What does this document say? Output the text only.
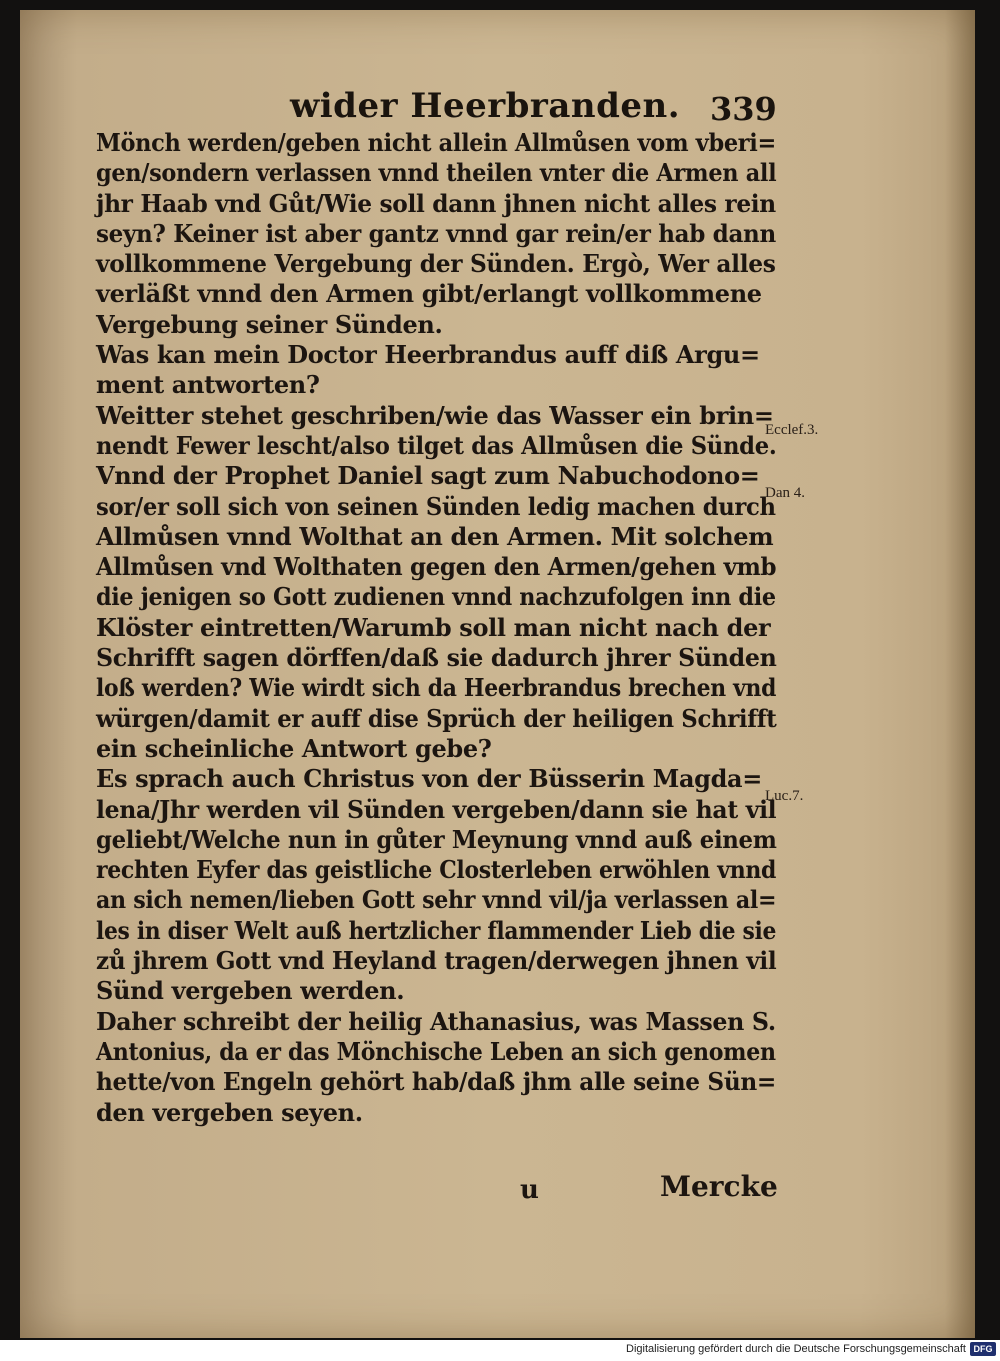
wider Heerbranden. 339
Mönch werden/geben nicht allein Allmůsen vom vberi=
gen/sondern verlassen vnnd theilen vnter die Armen all
jhr Haab vnd Gůt/Wie soll dann jhnen nicht alles rein
seyn? Keiner ist aber gantz vnnd gar rein/er hab dann
vollkommene Vergebung der Sünden. Ergò, Wer alles
verläßt vnnd den Armen gibt/erlangt vollkommene
Vergebung seiner Sünden.
Was kan mein Doctor Heerbrandus auff diß Argu=
ment antworten?
Weitter stehet geschriben/wie das Wasser ein brin=
nendt Fewer lescht/also tilget das Allmůsen die Sünde.
Vnnd der Prophet Daniel sagt zum Nabuchodono=
sor/er soll sich von seinen Sünden ledig machen durch
Allmůsen vnnd Wolthat an den Armen. Mit solchem
Allmůsen vnd Wolthaten gegen den Armen/gehen vmb
die jenigen so Gott zudienen vnnd nachzufolgen inn die
Klöster eintretten/Warumb soll man nicht nach der
Schrifft sagen dörffen/daß sie dadurch jhrer Sünden
loß werden? Wie wirdt sich da Heerbrandus brechen vnd
würgen/damit er auff dise Sprüch der heiligen Schrifft
ein scheinliche Antwort gebe?
Es sprach auch Christus von der Büsserin Magda=
lena/Jhr werden vil Sünden vergeben/dann sie hat vil
geliebt/Welche nun in gůter Meynung vnnd auß einem
rechten Eyfer das geistliche Closterleben erwöhlen vnnd
an sich nemen/lieben Gott sehr vnnd vil/ja verlassen al=
les in diser Welt auß hertzlicher flammender Lieb die sie
zů jhrem Gott vnd Heyland tragen/derwegen jhnen vil
Sünd vergeben werden.
Daher schreibt der heilig Athanasius, was Massen S.
Antonius, da er das Mönchische Leben an sich genomen
hette/von Engeln gehört hab/daß jhm alle seine Sün=
den vergeben seyen.
Ecclef.3.
Dan 4.
Luc.7.
u	Mercke
Digitalisierung gefördert durch die Deutsche Forschungsgemeinschaft DFG
